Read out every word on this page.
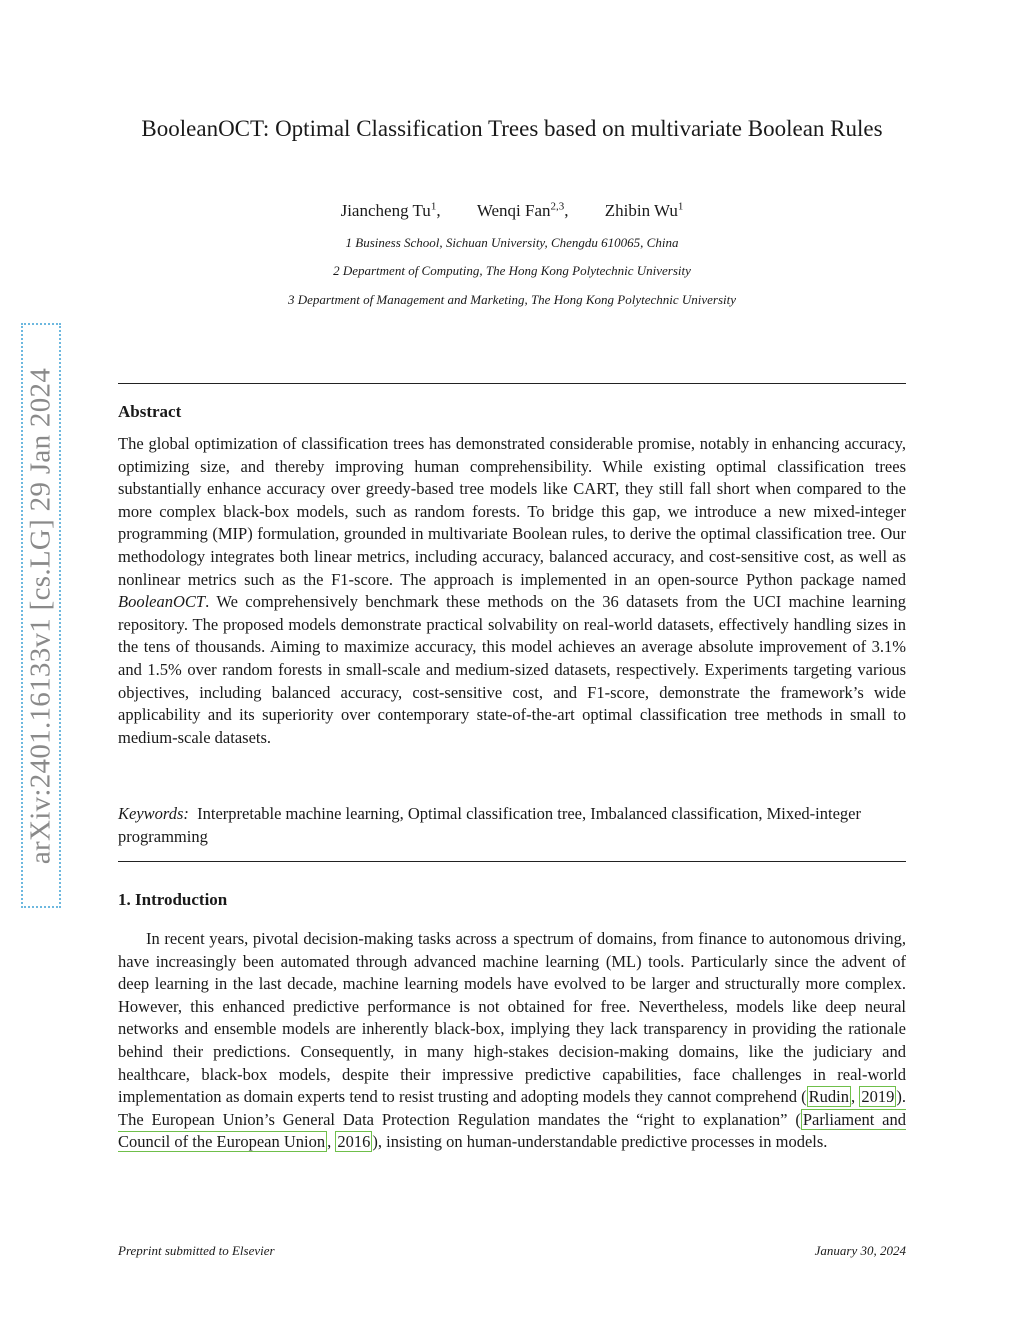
arXiv:2401.16133v1 [cs.LG] 29 Jan 2024
BooleanOCT: Optimal Classification Trees based on multivariate Boolean Rules
Jiancheng Tu$^1$, Wenqi Fan$^{2,3}$, Zhibin Wu$^1$
1 Business School, Sichuan University, Chengdu 610065, China
2 Department of Computing, The Hong Kong Polytechnic University
3 Department of Management and Marketing, The Hong Kong Polytechnic University
Abstract

The global optimization of classification trees has demonstrated considerable promise, notably in enhancing accuracy, optimizing size, and thereby improving human comprehensibility. While existing optimal classification trees substantially enhance accuracy over greedy-based tree models like CART, they still fall short when compared to the more complex black-box models, such as random forests. To bridge this gap, we introduce a new mixed-integer programming (MIP) formulation, grounded in multivariate Boolean rules, to derive the optimal classification tree. Our methodology integrates both linear metrics, including accuracy, balanced accuracy, and cost-sensitive cost, as well as nonlinear metrics such as the F1-score. The approach is implemented in an open-source Python package named BooleanOCT. We comprehensively benchmark these methods on the 36 datasets from the UCI machine learning repository. The proposed models demonstrate practical solvability on real-world datasets, effectively handling sizes in the tens of thousands. Aiming to maximize accuracy, this model achieves an average absolute improvement of 3.1% and 1.5% over random forests in small-scale and medium-sized datasets, respectively. Experiments targeting various objectives, including balanced accuracy, cost-sensitive cost, and F1-score, demonstrate the framework’s wide applicability and its superiority over contemporary state-of-the-art optimal classification tree methods in small to medium-scale datasets.

Keywords: Interpretable machine learning, Optimal classification tree, Imbalanced classification, Mixed-integer programming

1. Introduction

In recent years, pivotal decision-making tasks across a spectrum of domains, from finance to autonomous driving, have increasingly been automated through advanced machine learning (ML) tools. Particularly since the advent of deep learning in the last decade, machine learning models have evolved to be larger and structurally more complex. However, this enhanced predictive performance is not obtained for free. Nevertheless, models like deep neural networks and ensemble models are inherently black-box, implying they lack transparency in providing the rationale behind their predictions. Consequently, in many high-stakes decision-making domains, like the judiciary and healthcare, black-box models, despite their impressive predictive capabilities, face challenges in real-world implementation as domain experts tend to resist trusting and adopting models they cannot comprehend ( Rudin , 2019 ). The European Union’s General Data Protection Regulation mandates the “right to explanation” ( Parliament and Council of the European Union , 2016 ), insisting on human-understandable predictive processes in models.

Preprint submitted to Elsevier	January 30, 2024
